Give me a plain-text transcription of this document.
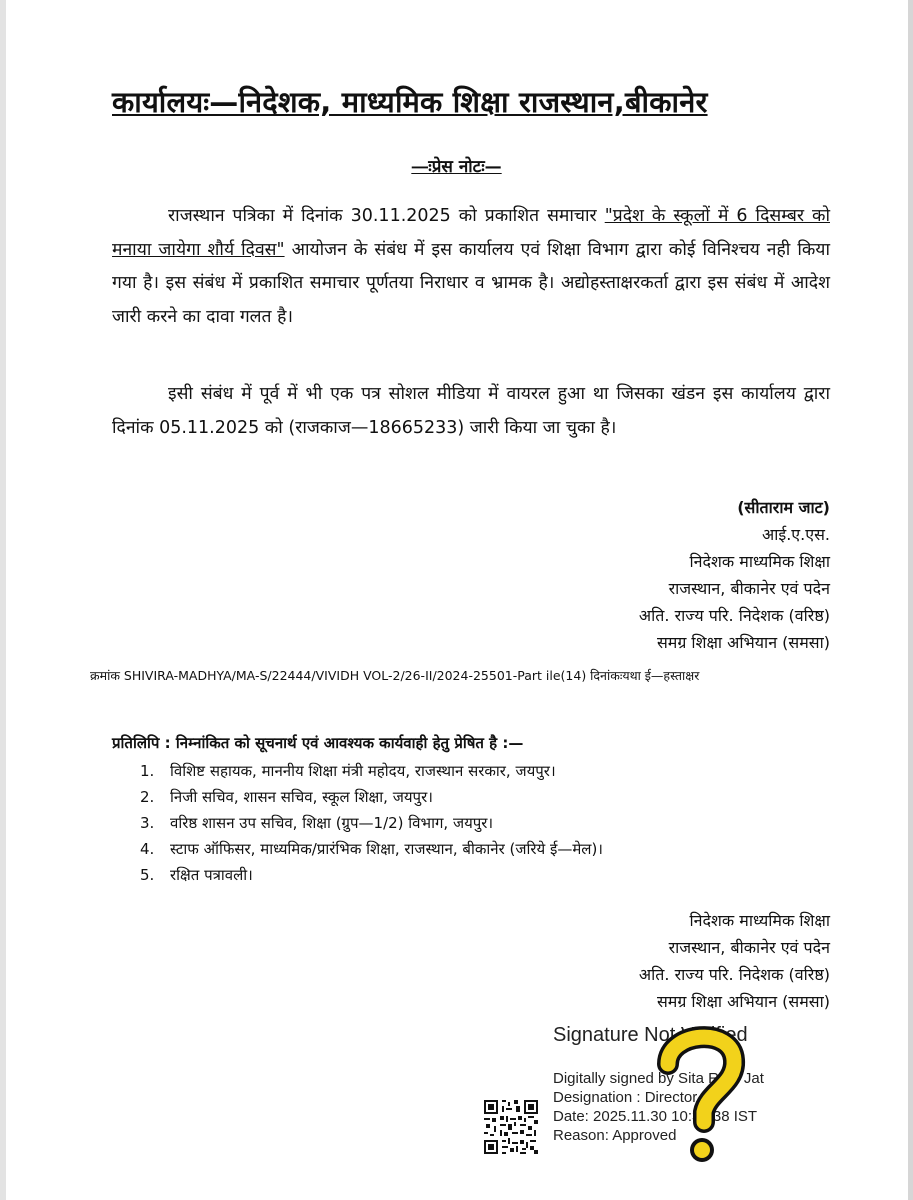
कार्यालयः—निदेशक, माध्यमिक शिक्षा राजस्थान,बीकानेर
—ःप्रेस नोटः—
राजस्थान पत्रिका में दिनांक 30.11.2025 को प्रकाशित समाचार "प्रदेश के स्कूलों में 6 दिसम्बर को मनाया जायेगा शौर्य दिवस" आयोजन के संबंध में इस कार्यालय एवं शिक्षा विभाग द्वारा कोई विनिश्चय नही किया गया है। इस संबंध में प्रकाशित समाचार पूर्णतया निराधार व भ्रामक है। अद्योहस्ताक्षरकर्ता द्वारा इस संबंध में आदेश जारी करने का दावा गलत है।
इसी संबंध में पूर्व में भी एक पत्र सोशल मीडिया में वायरल हुआ था जिसका खंडन इस कार्यालय द्वारा दिनांक 05.11.2025 को (राजकाज—18665233) जारी किया जा चुका है।
(सीताराम जाट)
आई.ए.एस.
निदेशक माध्यमिक शिक्षा
राजस्थान, बीकानेर एवं पदेन
अति. राज्य परि. निदेशक (वरिष्ठ)
समग्र शिक्षा अभियान (समसा)
क्रमांक SHIVIRA-MADHYA/MA-S/22444/VIVIDH VOL-2/26-II/2024-25501-Part ile(14) दिनांकःयथा ई—हस्ताक्षर
प्रतिलिपि : निम्नांकित को सूचनार्थ एवं आवश्यक कार्यवाही हेतु प्रेषित है :—
1. विशिष्ट सहायक, माननीय शिक्षा मंत्री महोदय, राजस्थान सरकार, जयपुर।
2. निजी सचिव, शासन सचिव, स्कूल शिक्षा, जयपुर।
3. वरिष्ठ शासन उप सचिव, शिक्षा (ग्रुप—1/2) विभाग, जयपुर।
4. स्टाफ ऑफिसर, माध्यमिक/प्रारंभिक शिक्षा, राजस्थान, बीकानेर (जरिये ई—मेल)।
5. रक्षित पत्रावली।
निदेशक माध्यमिक शिक्षा
राजस्थान, बीकानेर एवं पदेन
अति. राज्य परि. निदेशक (वरिष्ठ)
समग्र शिक्षा अभियान (समसा)
Signature Not Verified
Digitally signed by Sita Ram Jat
Designation : Director
Date: 2025.11.30 10:30:38 IST
Reason: Approved
